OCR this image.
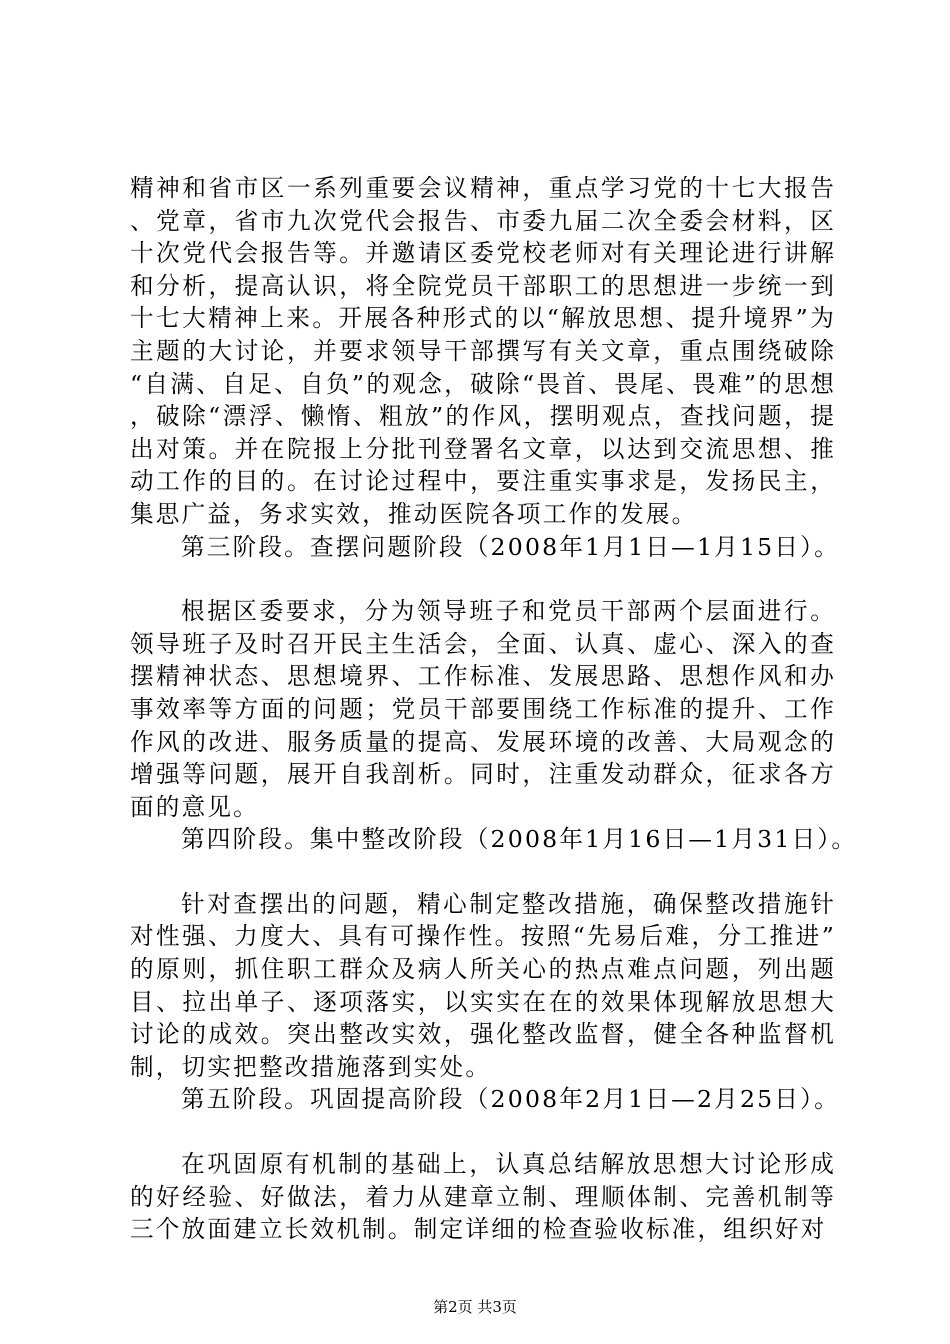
精神和省市区一系列重要会议精神，重点学习党的十七大报告、党章，省市九次党代会报告、市委九届二次全委会材料，区十次党代会报告等。并邀请区委党校老师对有关理论进行讲解和分析，提高认识，将全院党员干部职工的思想进一步统一到十七大精神上来。开展各种形式的以“解放思想、提升境界”为主题的大讨论，并要求领导干部撰写有关文章，重点围绕破除“自满、自足、自负”的观念，破除“畏首、畏尾、畏难”的思想，破除“漂浮、懒惰、粗放”的作风，摆明观点，查找问题，提出对策。并在院报上分批刊登署名文章，以达到交流思想、推动工作的目的。在讨论过程中，要注重实事求是，发扬民主，集思广益，务求实效，推动医院各项工作的发展。

第三阶段。查摆问题阶段（2008年1月1日—1月15日）。

根据区委要求，分为领导班子和党员干部两个层面进行。领导班子及时召开民主生活会，全面、认真、虚心、深入的查摆精神状态、思想境界、工作标准、发展思路、思想作风和办事效率等方面的问题；党员干部要围绕工作标准的提升、工作作风的改进、服务质量的提高、发展环境的改善、大局观念的增强等问题，展开自我剖析。同时，注重发动群众，征求各方面的意见。

第四阶段。集中整改阶段（2008年1月16日—1月31日）。

针对查摆出的问题，精心制定整改措施，确保整改措施针对性强、力度大、具有可操作性。按照“先易后难，分工推进”的原则，抓住职工群众及病人所关心的热点难点问题，列出题目、拉出单子、逐项落实，以实实在在的效果体现解放思想大讨论的成效。突出整改实效，强化整改监督，健全各种监督机制，切实把整改措施落到实处。

第五阶段。巩固提高阶段（2008年2月1日—2月25日）。

在巩固原有机制的基础上，认真总结解放思想大讨论形成的好经验、好做法，着力从建章立制、理顺体制、完善机制等三个放面建立长效机制。制定详细的检查验收标准，组织好对

第2页 共3页
